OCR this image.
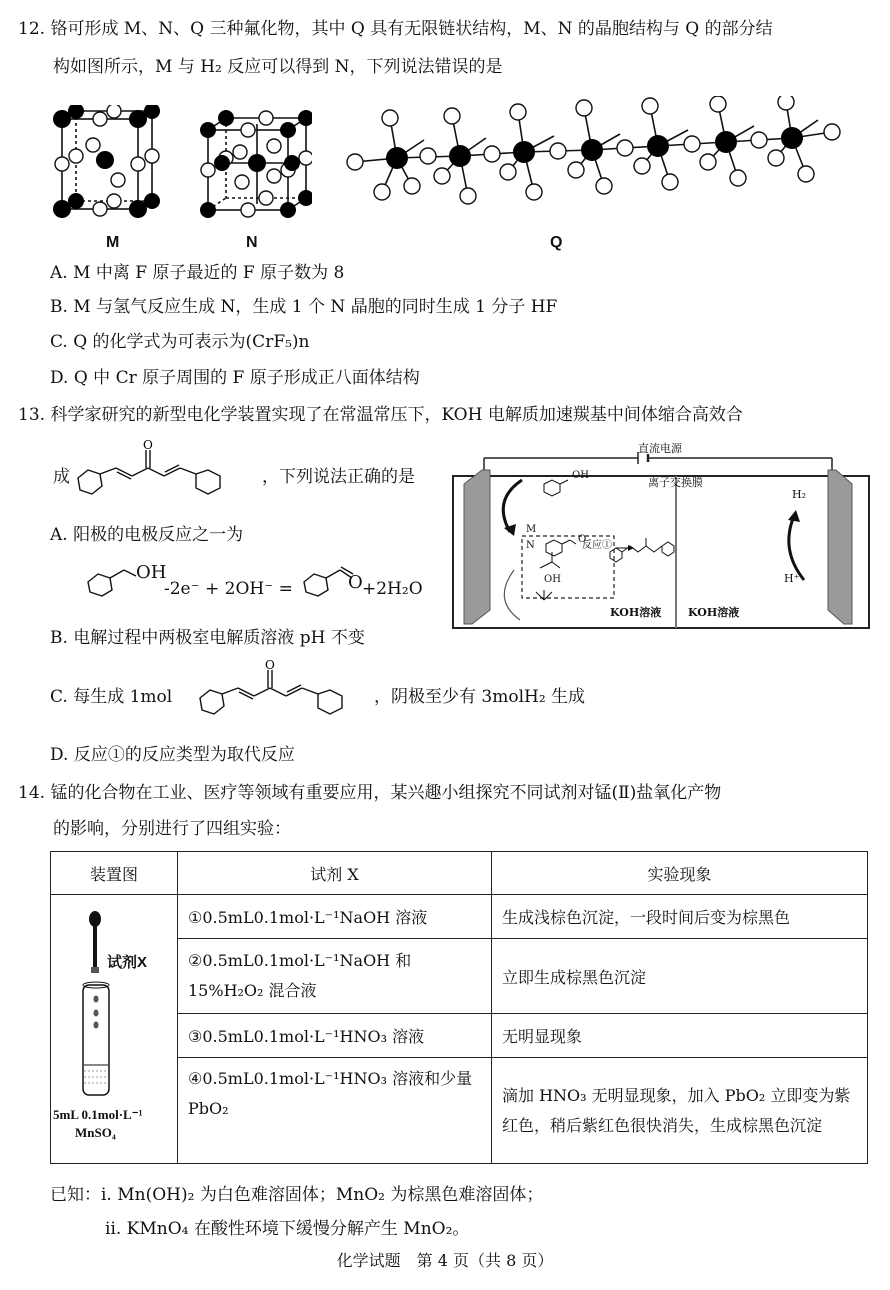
12. 铬可形成 M、N、Q 三种氟化物，其中 Q 具有无限链状结构，M、N 的晶胞结构与 Q 的部分结
构如图所示，M 与 H₂ 反应可以得到 N，下列说法错误的是
M	N	Q
A. M 中离 F 原子最近的 F 原子数为 8
B. M 与氢气反应生成 N，生成 1 个 N 晶胞的同时生成 1 分子 HF
C. Q 的化学式为可表示为(CrF₅)n
D. Q 中 Cr 原子周围的 F 原子形成正八面体结构
13. 科学家研究的新型电化学装置实现了在常温常压下，KOH 电解质加速羰基中间体缩合高效合
成
O
，下列说法正确的是
A. 阳极的电极反应之一为
OH
-2e⁻ + 2OH⁻ =	O +2H₂O
B. 电解过程中两极室电解质溶液 pH 不变
C. 每生成 1mol
O
，阴极至少有 3molH₂ 生成
D. 反应①的反应类型为取代反应
直流电源
离子交换膜
OH
M
N
O
反应①
OH
KOH溶液 KOH溶液
H₂
H⁺
14. 锰的化合物在工业、医疗等领域有重要应用，某兴趣小组探究不同试剂对锰(Ⅱ)盐氧化产物
的影响，分别进行了四组实验：
装置图	试剂 X	实验现象

试剂X
5mL 0.1mol·L⁻¹
MnSO₄	①0.5mL0.1mol·L⁻¹NaOH 溶液	生成浅棕色沉淀，一段时间后变为棕黑色
	②0.5mL0.1mol·L⁻¹NaOH 和 15%H₂O₂ 混合液	立即生成棕黑色沉淀
	③0.5mL0.1mol·L⁻¹HNO₃ 溶液	无明显现象
	④0.5mL0.1mol·L⁻¹HNO₃ 溶液和少量 PbO₂	滴加 HNO₃ 无明显现象，加入 PbO₂ 立即变为紫红色，稍后紫红色很快消失，生成棕黑色沉淀
已知：ⅰ. Mn(OH)₂ 为白色难溶固体；MnO₂ 为棕黑色难溶固体；
ⅱ. KMnO₄ 在酸性环境下缓慢分解产生 MnO₂。
化学试题　第 4 页（共 8 页）
